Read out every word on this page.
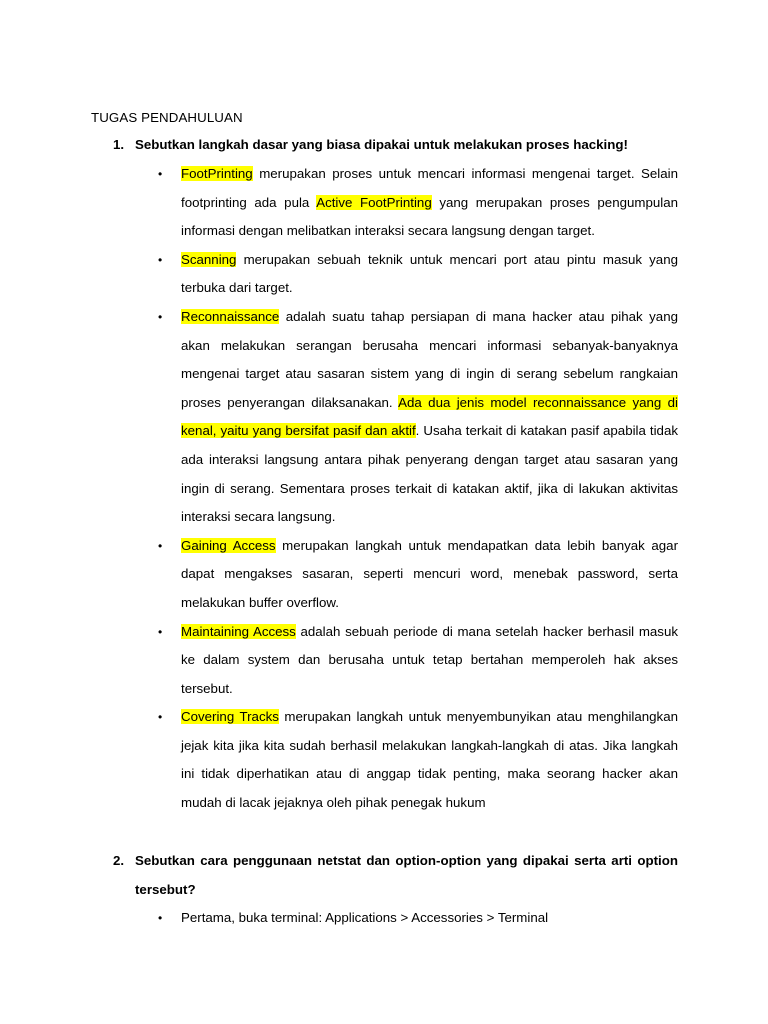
TUGAS PENDAHULUAN
1. Sebutkan langkah dasar yang biasa dipakai untuk melakukan proses hacking!
• FootPrinting merupakan proses untuk mencari informasi mengenai target. Selain footprinting ada pula Active FootPrinting yang merupakan proses pengumpulan informasi dengan melibatkan interaksi secara langsung dengan target.
• Scanning merupakan sebuah teknik untuk mencari port atau pintu masuk yang terbuka dari target.
• Reconnaissance adalah suatu tahap persiapan di mana hacker atau pihak yang akan melakukan serangan berusaha mencari informasi sebanyak-banyaknya mengenai target atau sasaran sistem yang di ingin di serang sebelum rangkaian proses penyerangan dilaksanakan. Ada dua jenis model reconnaissance yang di kenal, yaitu yang bersifat pasif dan aktif. Usaha terkait di katakan pasif apabila tidak ada interaksi langsung antara pihak penyerang dengan target atau sasaran yang ingin di serang. Sementara proses terkait di katakan aktif, jika di lakukan aktivitas interaksi secara langsung.
• Gaining Access merupakan langkah untuk mendapatkan data lebih banyak agar dapat mengakses sasaran, seperti mencuri word, menebak password, serta melakukan buffer overflow.
• Maintaining Access adalah sebuah periode di mana setelah hacker berhasil masuk ke dalam system dan berusaha untuk tetap bertahan memperoleh hak akses tersebut.
• Covering Tracks merupakan langkah untuk menyembunyikan atau menghilangkan jejak kita jika kita sudah berhasil melakukan langkah-langkah di atas. Jika langkah ini tidak diperhatikan atau di anggap tidak penting, maka seorang hacker akan mudah di lacak jejaknya oleh pihak penegak hukum
2. Sebutkan cara penggunaan netstat dan option-option yang dipakai serta arti option tersebut?
• Pertama, buka terminal: Applications > Accessories > Terminal
